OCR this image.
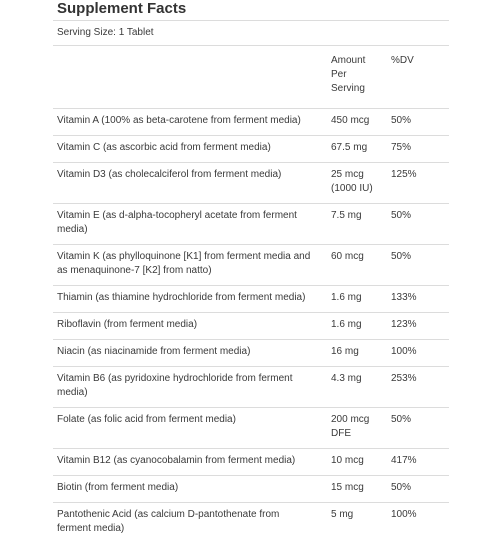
Supplement Facts
Serving Size: 1 Tablet		

	Amount
Per
Serving	%DV

Vitamin A (100% as beta-carotene from ferment media)	450 mcg	50%

Vitamin C (as ascorbic acid from ferment media)	67.5 mg	75%

Vitamin D3 (as cholecalciferol from ferment media)	25 mcg
(1000 IU)	125%

Vitamin E (as d-alpha-tocopheryl acetate from ferment
media)	7.5 mg	50%

Vitamin K (as phylloquinone [K1] from ferment media and
as menaquinone-7 [K2] from natto)	60 mcg	50%

Thiamin (as thiamine hydrochloride from ferment media)	1.6 mg	133%

Riboflavin (from ferment media)	1.6 mg	123%

Niacin (as niacinamide from ferment media)	16 mg	100%

Vitamin B6 (as pyridoxine hydrochloride from ferment
media)	4.3 mg	253%

Folate (as folic acid from ferment media)	200 mcg
DFE	50%

Vitamin B12 (as cyanocobalamin from ferment media)	10 mcg	417%

Biotin (from ferment media)	15 mcg	50%

Pantothenic Acid (as calcium D-pantothenate from
ferment media)	5 mg	100%
